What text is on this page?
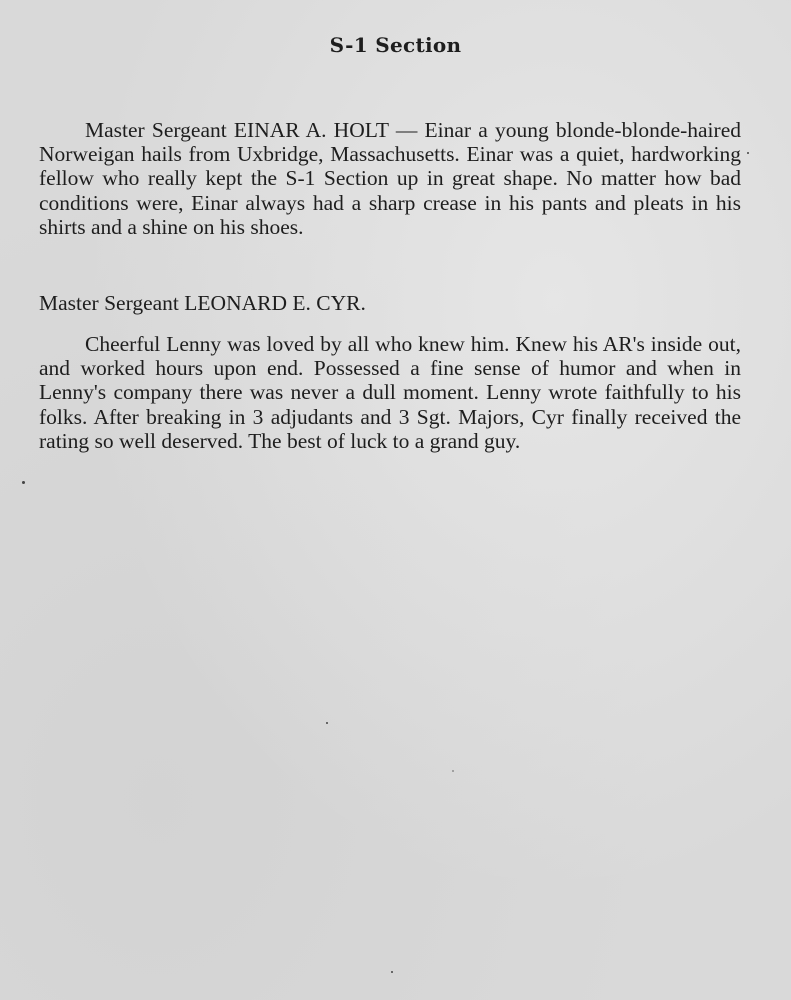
S-1 Section

Master Sergeant EINAR A. HOLT — Einar a young blonde-blonde-haired Norweigan hails from Uxbridge, Massachusetts. Einar was a quiet, hardworking fellow who really kept the S-1 Section up in great shape. No matter how bad conditions were, Einar always had a sharp crease in his pants and pleats in his shirts and a shine on his shoes.

Master Sergeant LEONARD E. CYR.

Cheerful Lenny was loved by all who knew him. Knew his AR's inside out, and worked hours upon end. Possessed a fine sense of humor and when in Lenny's company there was never a dull moment. Lenny wrote faithfully to his folks. After breaking in 3 adjudants and 3 Sgt. Majors, Cyr finally received the rating so well deserved. The best of luck to a grand guy.
